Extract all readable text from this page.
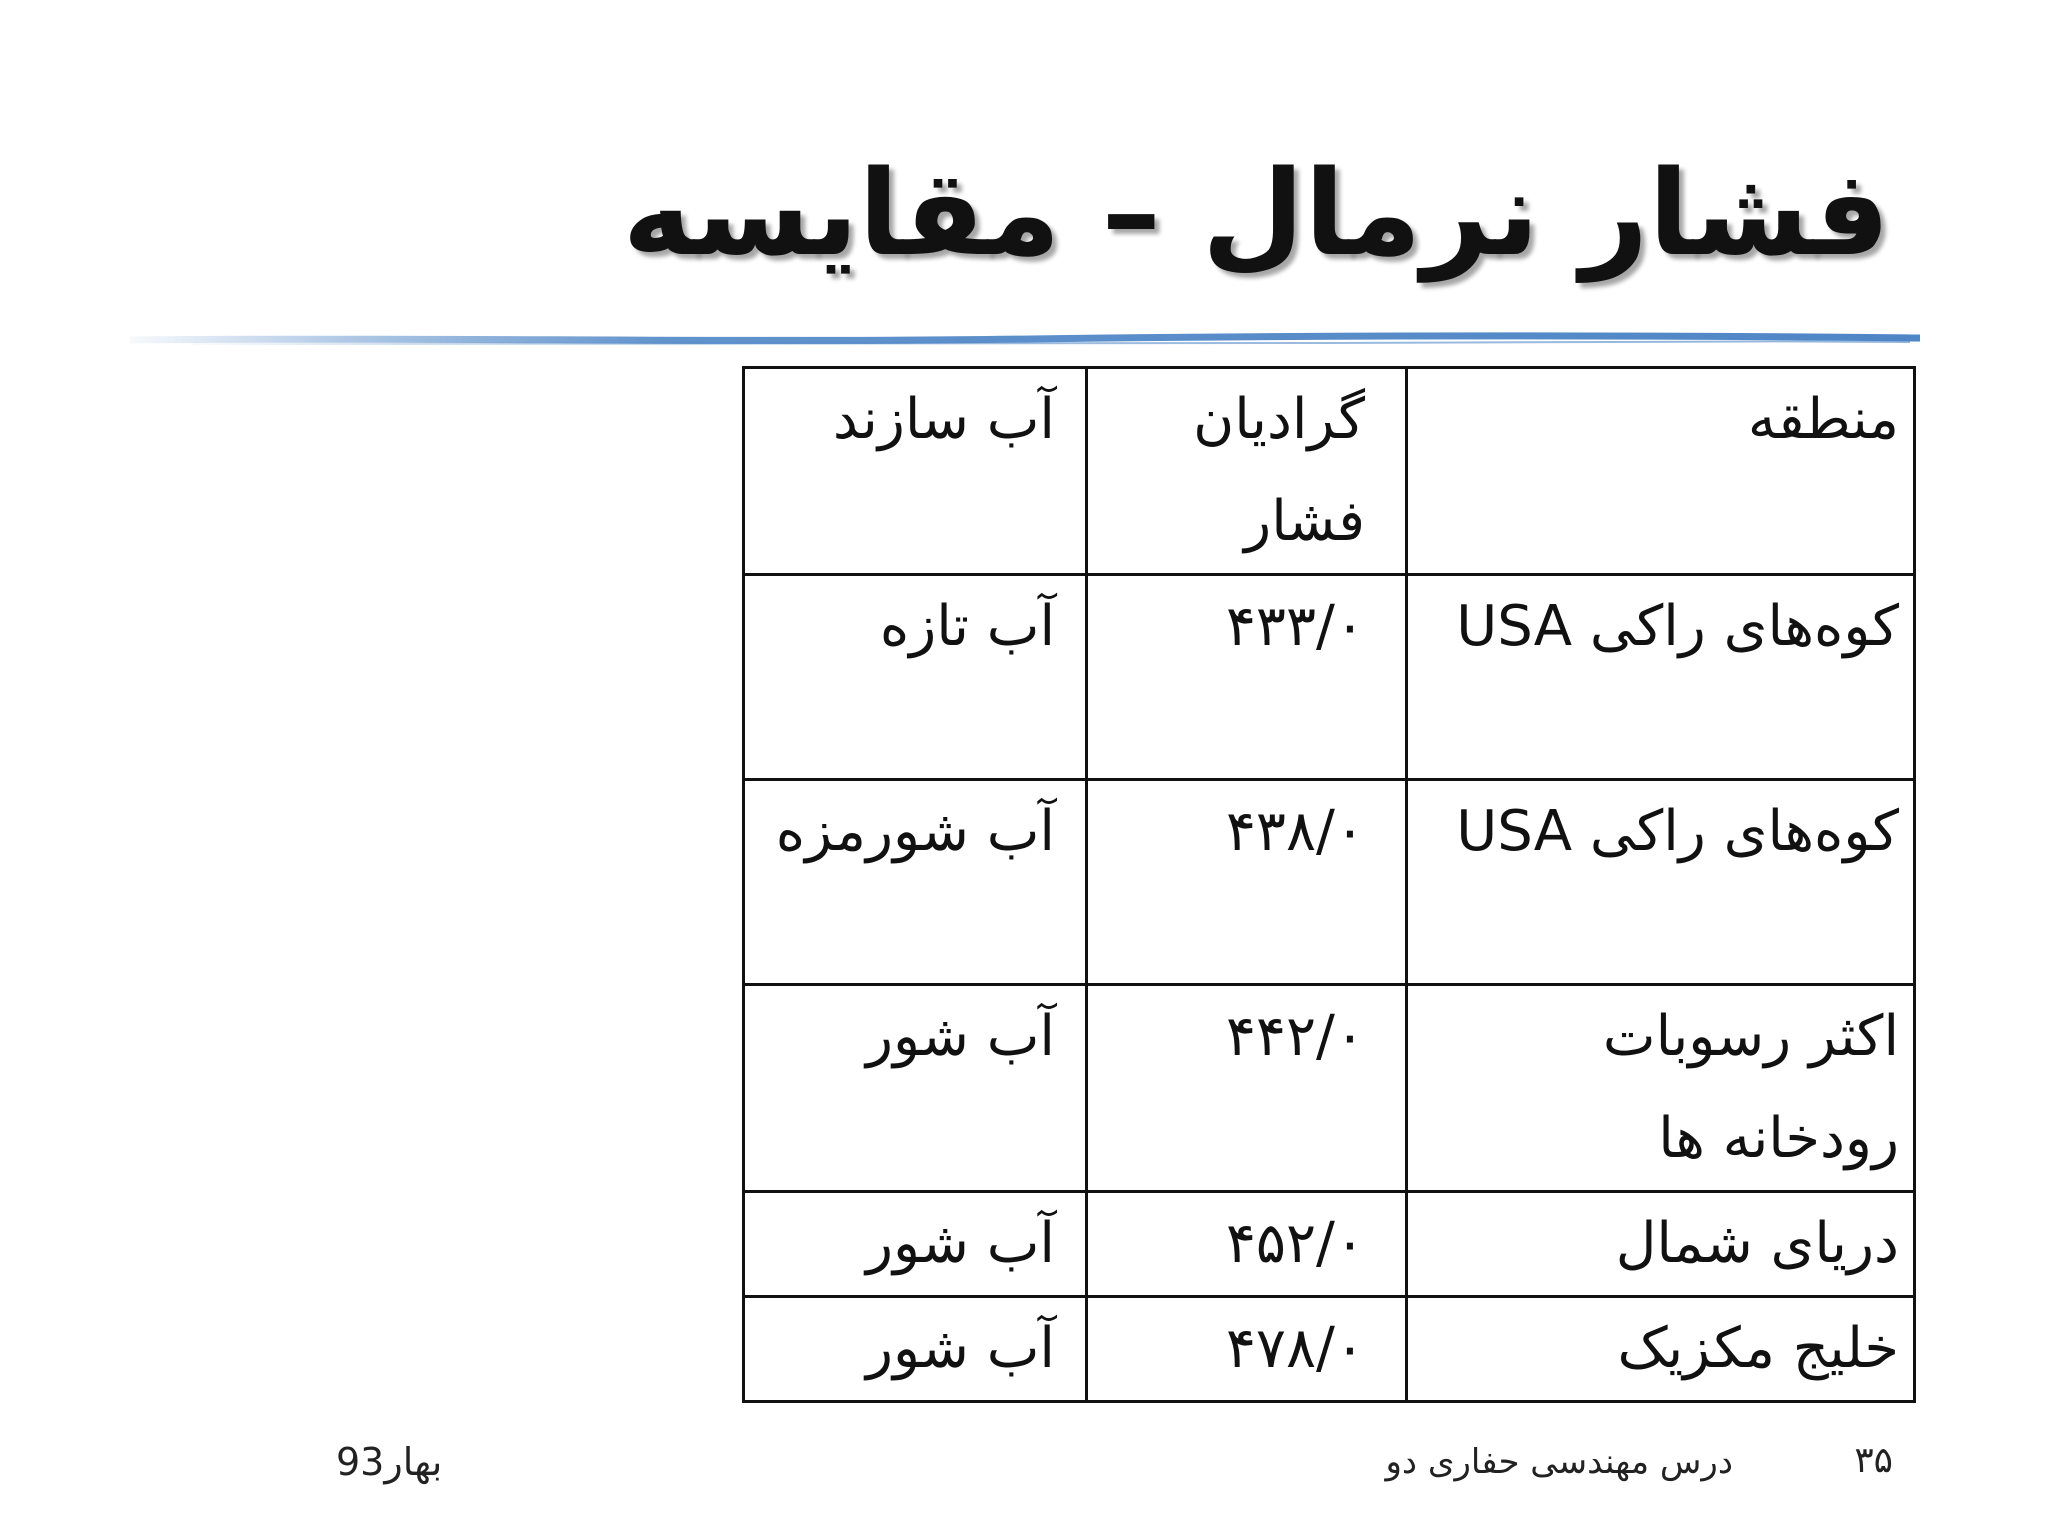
فشار نرمال – مقایسه
منطقه	گرادیان فشار	آب سازند
کوه‌های راکی USA	۴۳۳/۰	آب تازه
کوه‌های راکی USA	۴۳۸/۰	آب شورمزه
اکثر رسوبات رودخانه ها	۴۴۲/۰	آب شور
دریای شمال	۴۵۲/۰	آب شور
خلیج مکزیک	۴۷۸/۰	آب شور
۳۵
درس مهندسی حفاری دو
بهار93
